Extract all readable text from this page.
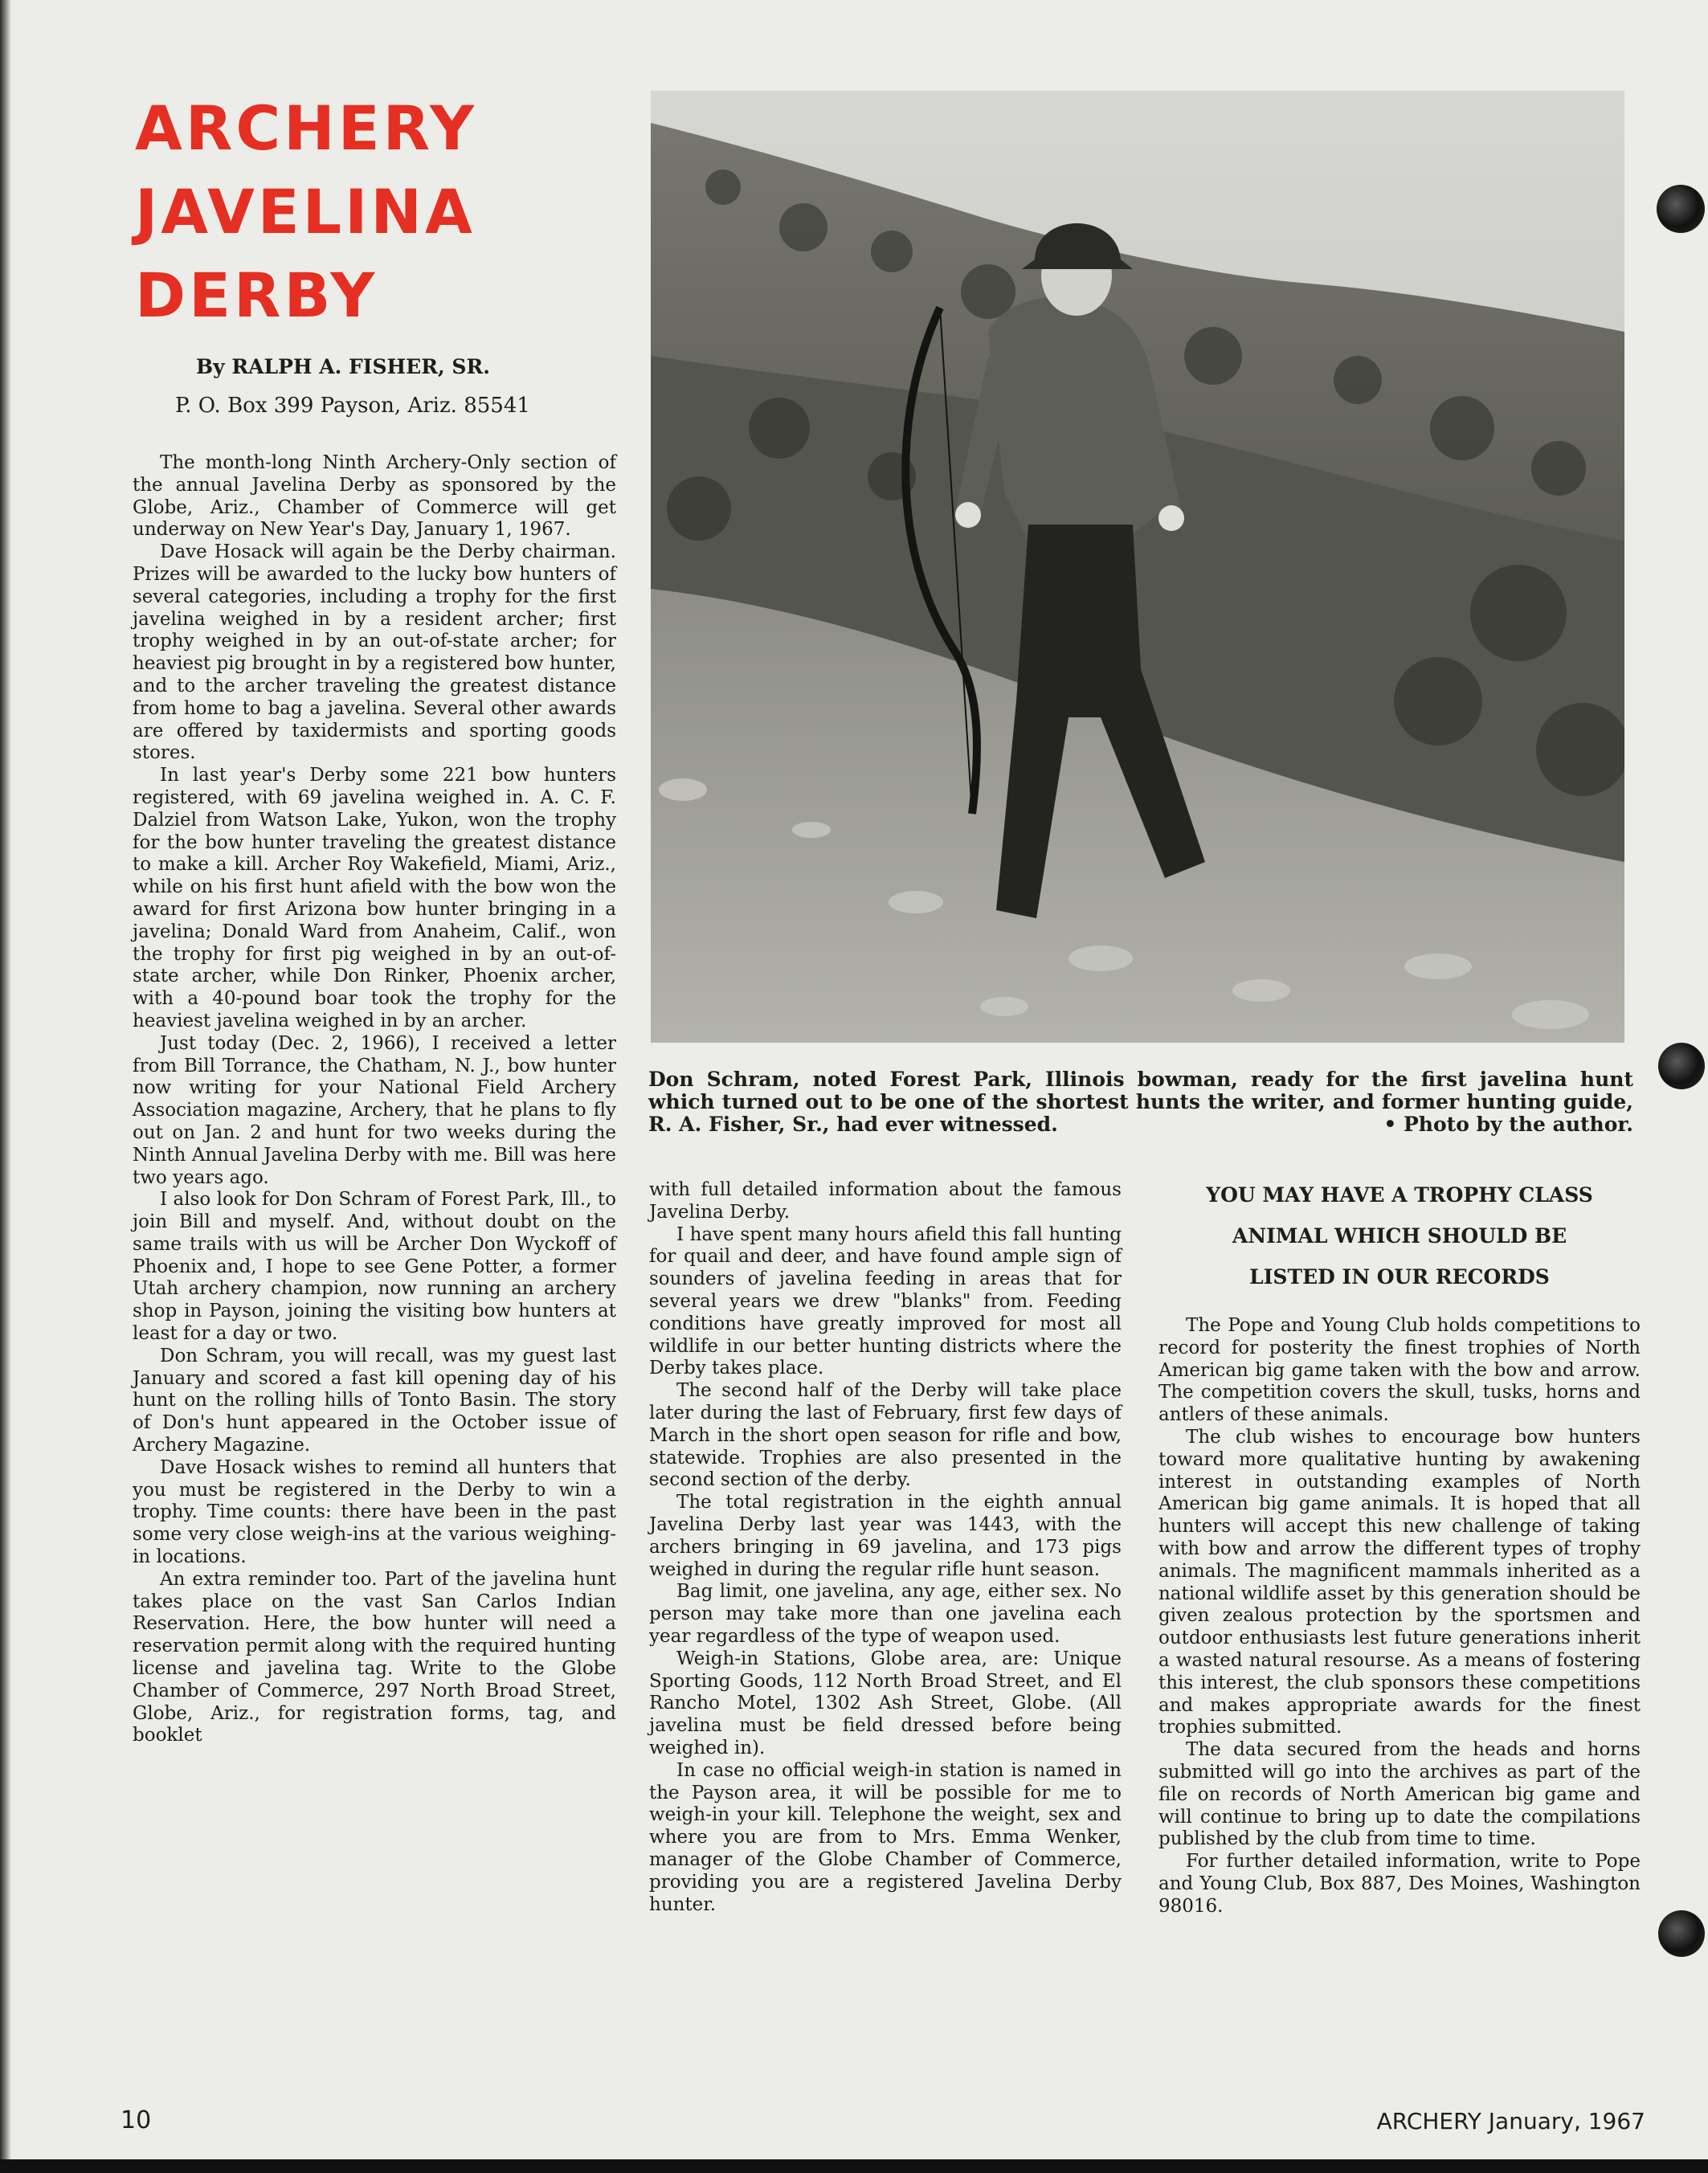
ARCHERY
JAVELINA
DERBY
By RALPH A. FISHER, SR.
P. O. Box 399 Payson, Ariz. 85541

The month-long Ninth Archery-Only section of the annual Javelina Derby as sponsored by the Globe, Ariz., Chamber of Commerce will get underway on New Year's Day, January 1, 1967.

Dave Hosack will again be the Derby chairman. Prizes will be awarded to the lucky bow hunters of several categories, including a trophy for the first javelina weighed in by a resident archer; first trophy weighed in by an out-of-state archer; for heaviest pig brought in by a registered bow hunter, and to the archer traveling the greatest distance from home to bag a javelina. Several other awards are offered by taxidermists and sporting goods stores.

In last year's Derby some 221 bow hunters registered, with 69 javelina weighed in. A. C. F. Dalziel from Watson Lake, Yukon, won the trophy for the bow hunter traveling the greatest distance to make a kill. Archer Roy Wakefield, Miami, Ariz., while on his first hunt afield with the bow won the award for first Arizona bow hunter bringing in a javelina; Donald Ward from Anaheim, Calif., won the trophy for first pig weighed in by an out-of-state archer, while Don Rinker, Phoenix archer, with a 40-pound boar took the trophy for the heaviest javelina weighed in by an archer.

Just today (Dec. 2, 1966), I received a letter from Bill Torrance, the Chatham, N. J., bow hunter now writing for your National Field Archery Association magazine, Archery, that he plans to fly out on Jan. 2 and hunt for two weeks during the Ninth Annual Javelina Derby with me. Bill was here two years ago.

I also look for Don Schram of Forest Park, Ill., to join Bill and myself. And, without doubt on the same trails with us will be Archer Don Wyckoff of Phoenix and, I hope to see Gene Potter, a former Utah archery champion, now running an archery shop in Payson, joining the visiting bow hunters at least for a day or two.

Don Schram, you will recall, was my guest last January and scored a fast kill opening day of his hunt on the rolling hills of Tonto Basin. The story of Don's hunt appeared in the October issue of Archery Magazine.

Dave Hosack wishes to remind all hunters that you must be registered in the Derby to win a trophy. Time counts: there have been in the past some very close weigh-ins at the various weighing-in locations.

An extra reminder too. Part of the javelina hunt takes place on the vast San Carlos Indian Reservation. Here, the bow hunter will need a reservation permit along with the required hunting license and javelina tag. Write to the Globe Chamber of Commerce, 297 North Broad Street, Globe, Ariz., for registration forms, tag, and booklet

Don Schram, noted Forest Park, Illinois bowman, ready for the first javelina hunt which turned out to be one of the shortest hunts the writer, and former hunting guide, R. A. Fisher, Sr., had ever witnessed.	• Photo by the author.

with full detailed information about the famous Javelina Derby.

I have spent many hours afield this fall hunting for quail and deer, and have found ample sign of sounders of javelina feeding in areas that for several years we drew "blanks" from. Feeding conditions have greatly improved for most all wildlife in our better hunting districts where the Derby takes place.

The second half of the Derby will take place later during the last of February, first few days of March in the short open season for rifle and bow, statewide. Trophies are also presented in the second section of the derby.

The total registration in the eighth annual Javelina Derby last year was 1443, with the archers bringing in 69 javelina, and 173 pigs weighed in during the regular rifle hunt season.

Bag limit, one javelina, any age, either sex. No person may take more than one javelina each year regardless of the type of weapon used.

Weigh-in Stations, Globe area, are: Unique Sporting Goods, 112 North Broad Street, and El Rancho Motel, 1302 Ash Street, Globe. (All javelina must be field dressed before being weighed in).

In case no official weigh-in station is named in the Payson area, it will be possible for me to weigh-in your kill. Telephone the weight, sex and where you are from to Mrs. Emma Wenker, manager of the Globe Chamber of Commerce, providing you are a registered Javelina Derby hunter.

YOU MAY HAVE A TROPHY CLASS
ANIMAL WHICH SHOULD BE
LISTED IN OUR RECORDS

The Pope and Young Club holds competitions to record for posterity the finest trophies of North American big game taken with the bow and arrow. The competition covers the skull, tusks, horns and antlers of these animals.

The club wishes to encourage bow hunters toward more qualitative hunting by awakening interest in outstanding examples of North American big game animals. It is hoped that all hunters will accept this new challenge of taking with bow and arrow the different types of trophy animals. The magnificent mammals inherited as a national wildlife asset by this generation should be given zealous protection by the sportsmen and outdoor enthusiasts lest future generations inherit a wasted natural resourse. As a means of fostering this interest, the club sponsors these competitions and makes appropriate awards for the finest trophies submitted.

The data secured from the heads and horns submitted will go into the archives as part of the file on records of North American big game and will continue to bring up to date the compilations published by the club from time to time.

For further detailed information, write to Pope and Young Club, Box 887, Des Moines, Washington 98016.

10	ARCHERY January, 1967
